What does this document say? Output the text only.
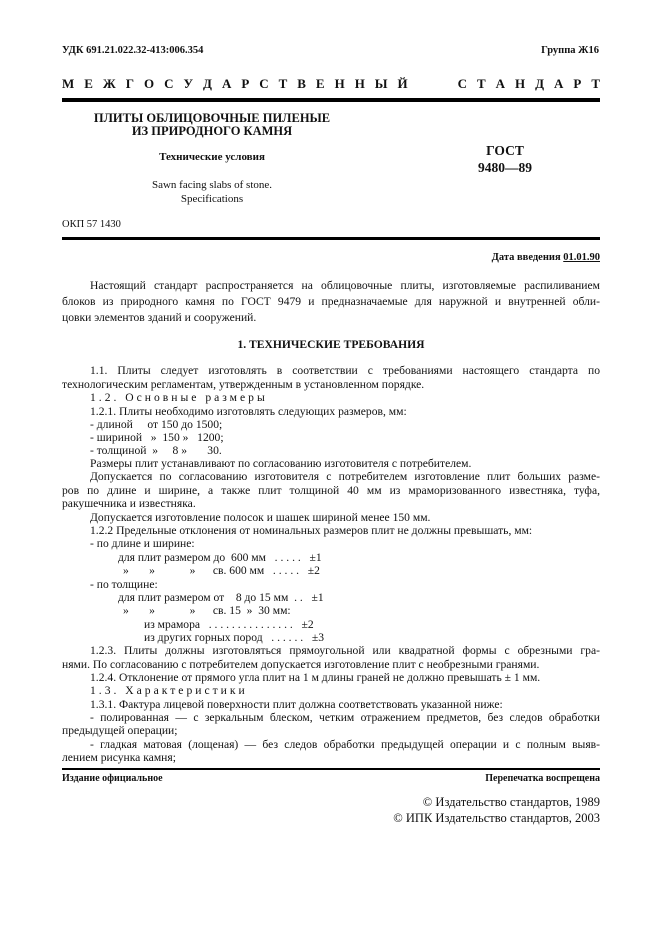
УДК 691.21.022.32-413:006.354	Группа Ж16
М Е Ж Г О С У Д А Р С Т В Е Н Н Ы Й     С Т А Н Д А Р Т
ПЛИТЫ ОБЛИЦОВОЧНЫЕ ПИЛЕНЫЕ
ИЗ ПРИРОДНОГО КАМНЯ
Технические условия
Sawn facing slabs of stone.
Specifications
ГОСТ
9480—89
ОКП 57 1430
Дата введения 01.01.90
Настоящий стандарт распространяется на облицовочные плиты, изготовляемые распиливанием
блоков из природного камня по ГОСТ 9479 и предназначаемые для наружной и внутренней обли-
цовки элементов зданий и сооружений.
1. ТЕХНИЧЕСКИЕ ТРЕБОВАНИЯ
1.1. Плиты следует изготовлять в соответствии с требованиями настоящего стандарта по
технологическим регламентам, утвержденным в установленном порядке.
1.2. Основные размеры
1.2.1. Плиты необходимо изготовлять следующих размеров, мм:
- длиной     от 150 до 1500;
- шириной   »  150 »   1200;
- толщиной  »     8 »       30.
Размеры плит устанавливают по согласованию изготовителя с потребителем.
Допускается по согласованию изготовителя с потребителем изготовление плит больших разме-
ров по длине и ширине, а также плит толщиной 40 мм из мраморизованного известняка, туфа,
ракушечника и известняка.
Допускается изготовление полосок и шашек шириной менее 150 мм.
1.2.2 Предельные отклонения от номинальных размеров плит не должны превышать, мм:
- по длине и ширине:
для плит размером до  600 мм   . . . . .   ±1
»       »            »      св. 600 мм   . . . . .   ±2
- по толщине:
для плит размером от    8 до 15 мм  . .   ±1
»       »            »      св. 15  »  30 мм:
из мрамора   . . . . . . . . . . . . . . .   ±2
из других горных пород   . . . . . .   ±3
1.2.3. Плиты должны изготовляться прямоугольной или квадратной формы с обрезными гра-
нями. По согласованию с потребителем допускается изготовление плит с необрезными гранями.
1.2.4. Отклонение от прямого угла плит на 1 м длины граней не должно превышать ± 1 мм.
1.3. Характеристики
1.3.1. Фактура лицевой поверхности плит должна соответствовать указанной ниже:
- полированная — с зеркальным блеском, четким отражением предметов, без следов обработки
предыдущей операции;
- гладкая матовая (лощеная) — без следов обработки предыдущей операции и с полным выяв-
лением рисунка камня;
Издание официальное	Перепечатка воспрещена
© Издательство стандартов, 1989
© ИПК Издательство стандартов, 2003
